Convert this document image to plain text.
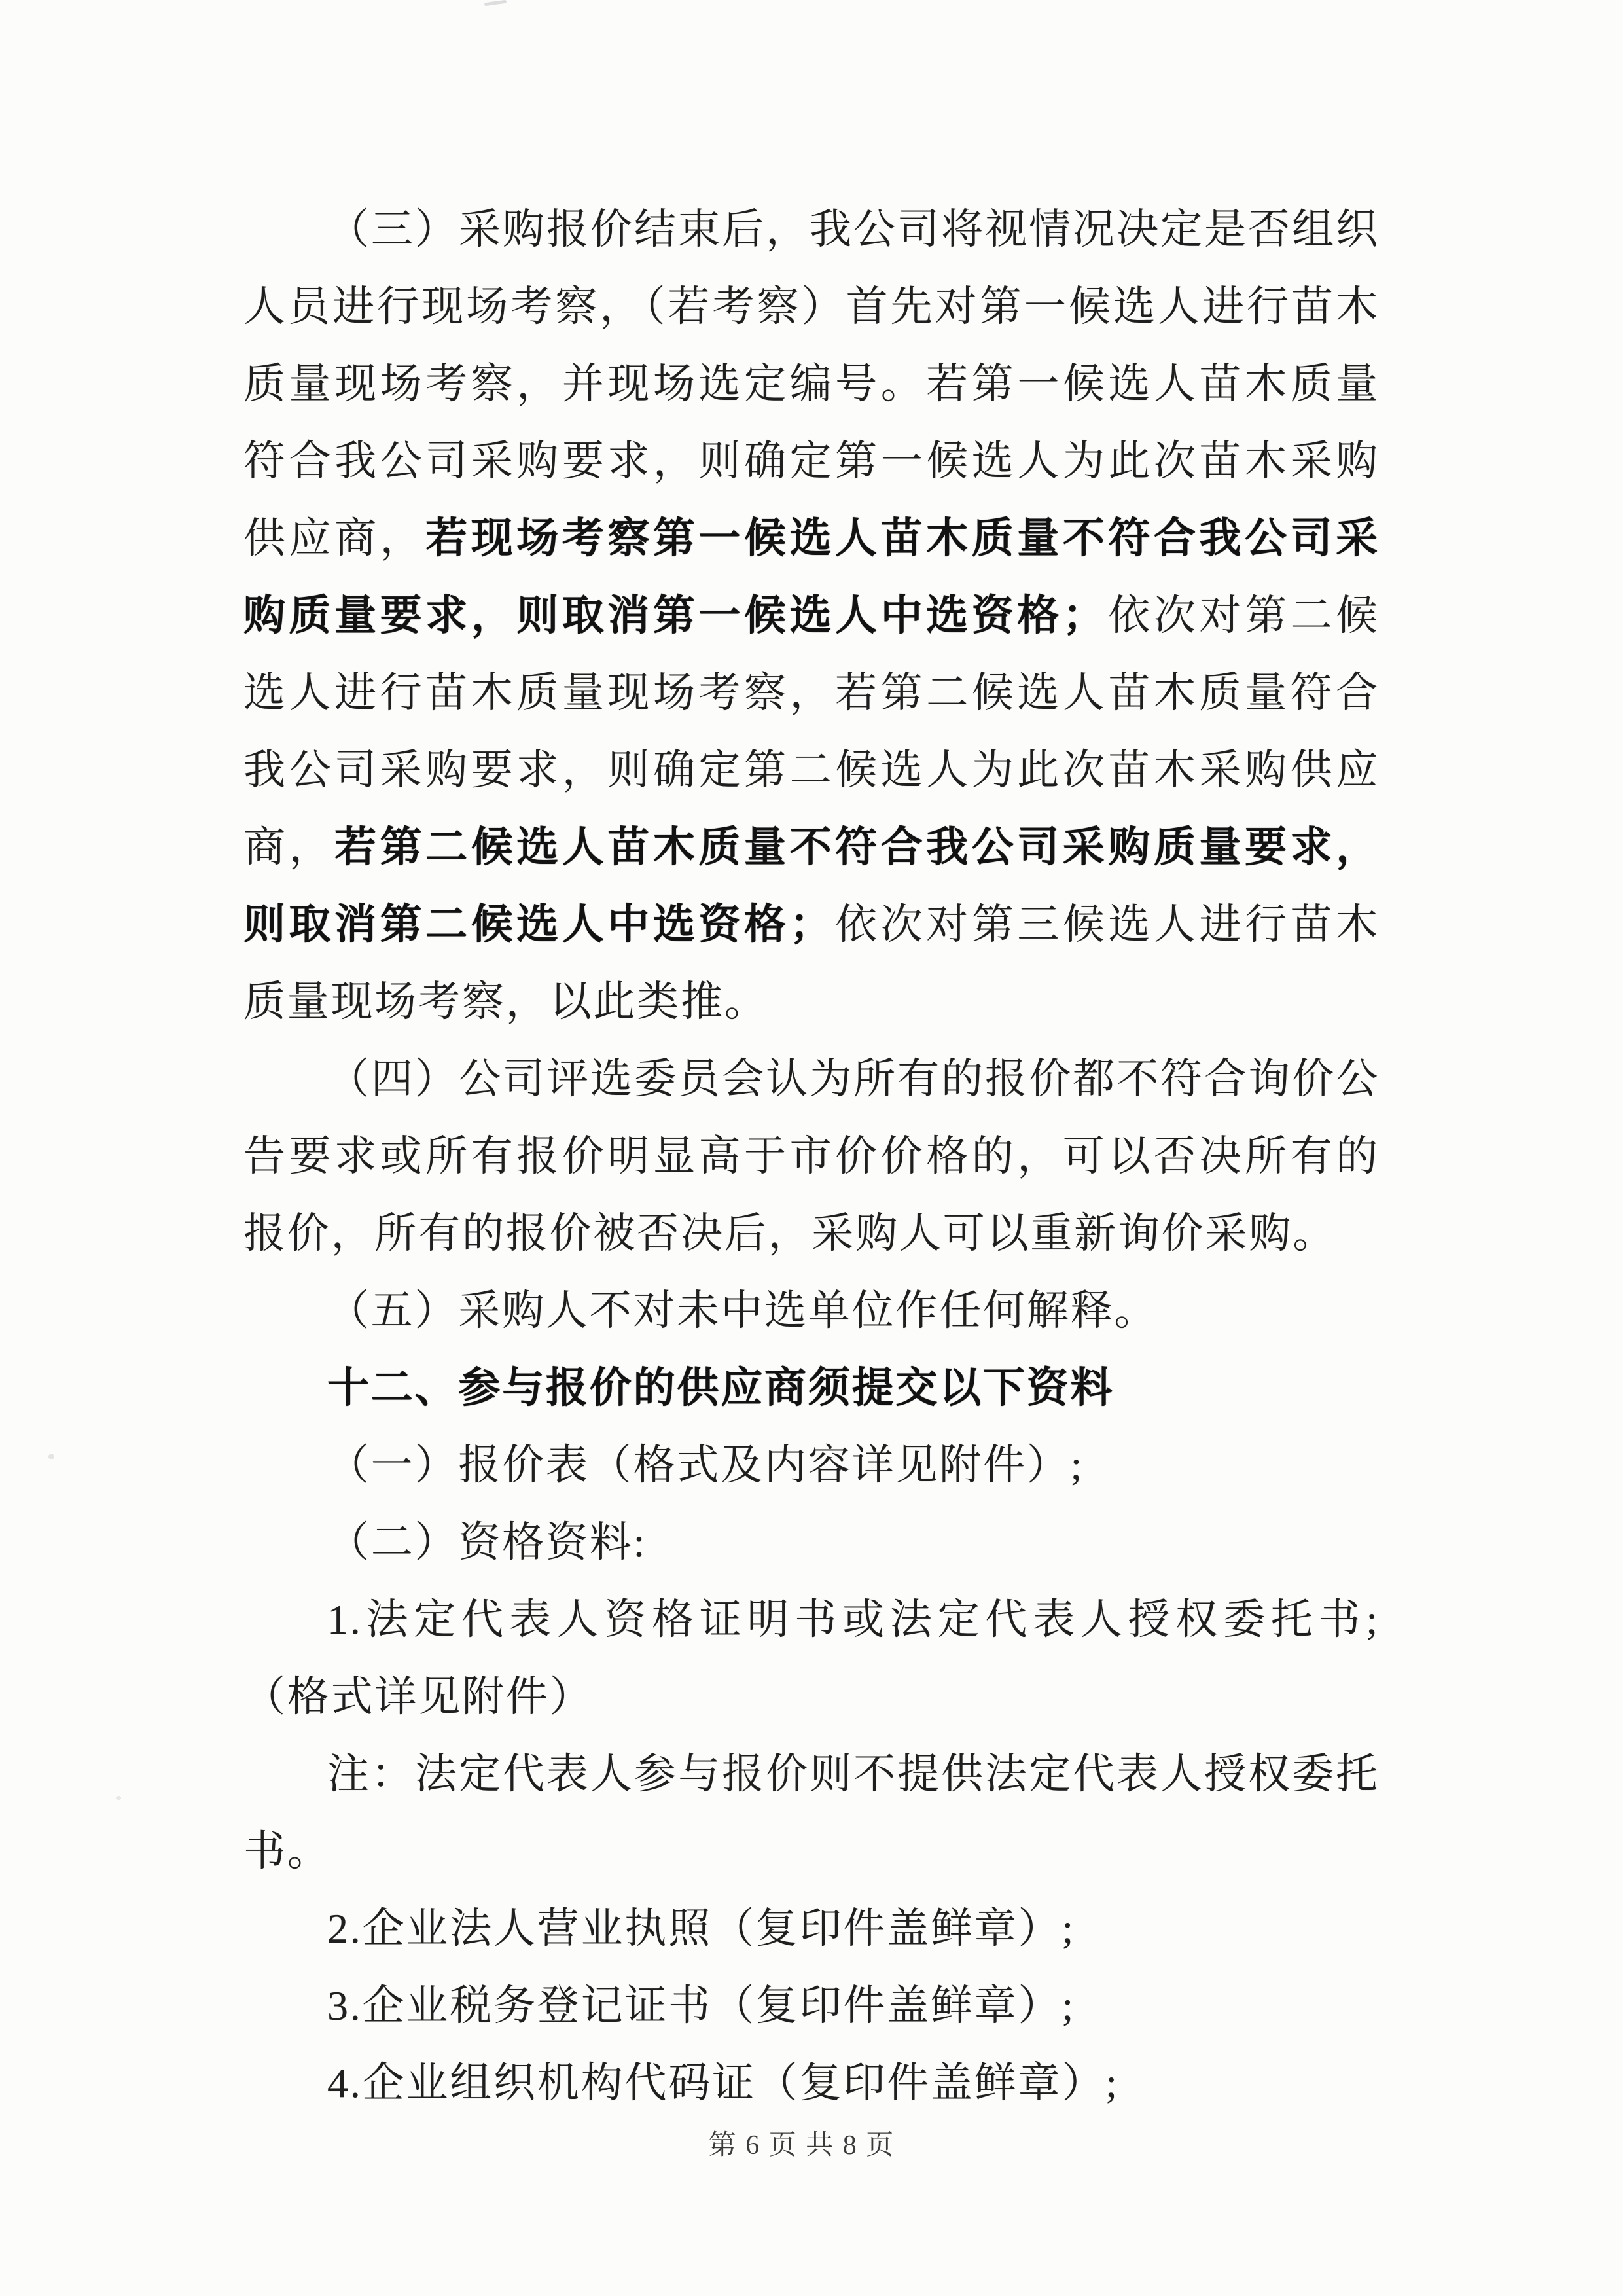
（三）采购报价结束后，我公司将视情况决定是否组织人员进行现场考察，（若考察）首先对第一候选人进行苗木质量现场考察，并现场选定编号。若第一候选人苗木质量符合我公司采购要求，则确定第一候选人为此次苗木采购供应商，若现场考察第一候选人苗木质量不符合我公司采购质量要求，则取消第一候选人中选资格；依次对第二候选人进行苗木质量现场考察，若第二候选人苗木质量符合我公司采购要求，则确定第二候选人为此次苗木采购供应商，若第二候选人苗木质量不符合我公司采购质量要求，则取消第二候选人中选资格；依次对第三候选人进行苗木质量现场考察，以此类推。

（四）公司评选委员会认为所有的报价都不符合询价公告要求或所有报价明显高于市价价格的，可以否决所有的报价，所有的报价被否决后，采购人可以重新询价采购。

（五）采购人不对未中选单位作任何解释。

十二、参与报价的供应商须提交以下资料

（一）报价表（格式及内容详见附件）;

（二）资格资料:

1.法定代表人资格证明书或法定代表人授权委托书;（格式详见附件）

注：法定代表人参与报价则不提供法定代表人授权委托书。

2.企业法人营业执照（复印件盖鲜章）;

3.企业税务登记证书（复印件盖鲜章）;

4.企业组织机构代码证（复印件盖鲜章）;

第 6 页 共 8 页
